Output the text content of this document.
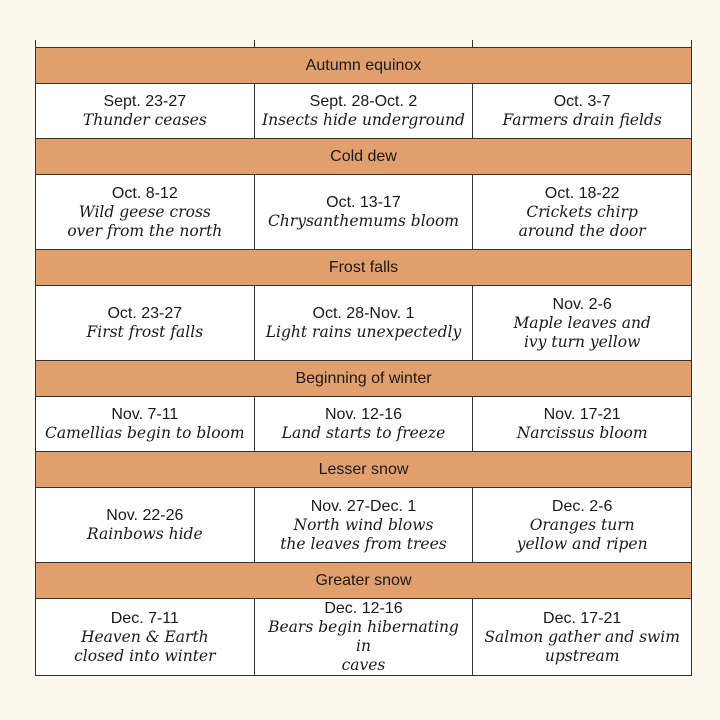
Autumn equinox		

Sept. 23-27
Thunder ceases	Sept. 28-Oct. 2
Insects hide underground	Oct. 3-7
Farmers drain fields

Cold dew		

Oct. 8-12
Wild geese cross
over from the north	Oct. 13-17
Chrysanthemums bloom	Oct. 18-22
Crickets chirp
around the door

Frost falls		

Oct. 23-27
First frost falls	Oct. 28-Nov. 1
Light rains unexpectedly	Nov. 2-6
Maple leaves and
ivy turn yellow

Beginning of winter		

Nov. 7-11
Camellias begin to bloom	Nov. 12-16
Land starts to freeze	Nov. 17-21
Narcissus bloom

Lesser snow		

Nov. 22-26
Rainbows hide	Nov. 27-Dec. 1
North wind blows
the leaves from trees	Dec. 2-6
Oranges turn
yellow and ripen

Greater snow		

Dec. 7-11
Heaven & Earth
closed into winter	Dec. 12-16
Bears begin hibernating in
caves	Dec. 17-21
Salmon gather and swim
upstream
